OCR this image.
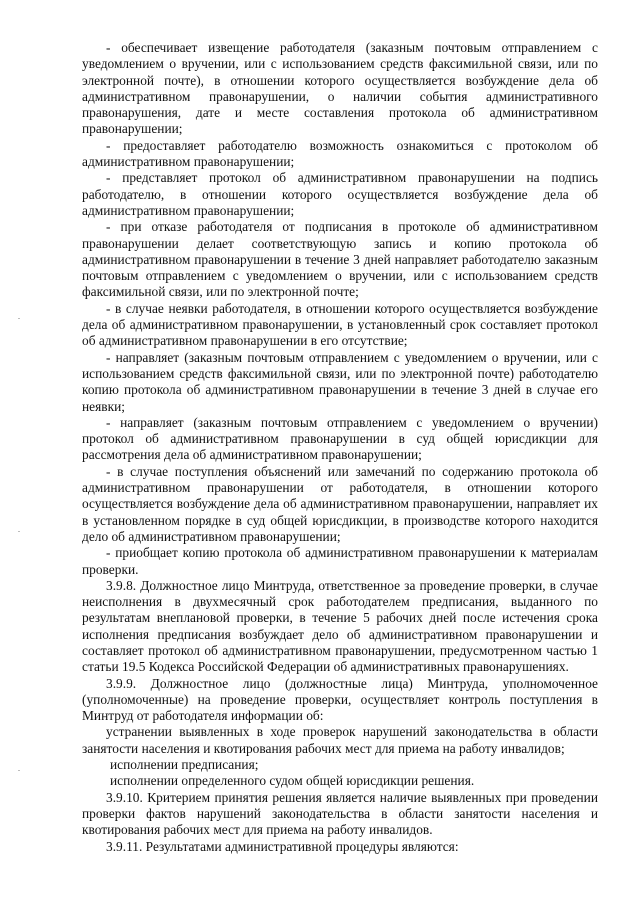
- обеспечивает извещение работодателя (заказным почтовым отправлением с уведомлением о вручении, или с использованием средств факсимильной связи, или по электронной почте), в отношении которого осуществляется возбуждение дела об административном правонарушении, о наличии события административного правонарушения, дате и месте составления протокола об административном правонарушении;

- предоставляет работодателю возможность ознакомиться с протоколом об административном правонарушении;

- представляет протокол об административном правонарушении на подпись работодателю, в отношении которого осуществляется возбуждение дела об административном правонарушении;

- при отказе работодателя от подписания в протоколе об административном правонарушении делает соответствующую запись и копию протокола об административном правонарушении в течение 3 дней направляет работодателю заказным почтовым отправлением с уведомлением о вручении, или с использованием средств факсимильной связи, или по электронной почте;

- в случае неявки работодателя, в отношении которого осуществляется возбуждение дела об административном правонарушении, в установленный срок составляет протокол об административном правонарушении в его отсутствие;

- направляет (заказным почтовым отправлением с уведомлением о вручении, или с использованием средств факсимильной связи, или по электронной почте) работодателю копию протокола об административном правонарушении в течение 3 дней в случае его неявки;

- направляет (заказным почтовым отправлением с уведомлением о вручении) протокол об административном правонарушении в суд общей юрисдикции для рассмотрения дела об административном правонарушении;

- в случае поступления объяснений или замечаний по содержанию протокола об административном правонарушении от работодателя, в отношении которого осуществляется возбуждение дела об административном правонарушении, направляет их в установленном порядке в суд общей юрисдикции, в производстве которого находится дело об административном правонарушении;

- приобщает копию протокола об административном правонарушении к материалам проверки.

3.9.8. Должностное лицо Минтруда, ответственное за проведение проверки, в случае неисполнения в двухмесячный срок работодателем предписания, выданного по результатам внеплановой проверки, в течение 5 рабочих дней после истечения срока исполнения предписания возбуждает дело об административном правонарушении и составляет протокол об административном правонарушении, предусмотренном частью 1 статьи 19.5 Кодекса Российской Федерации об административных правонарушениях.

3.9.9. Должностное лицо (должностные лица) Минтруда, уполномоченное (уполномоченные) на проведение проверки, осуществляет контроль поступления в Минтруд от работодателя информации об:

устранении выявленных в ходе проверок нарушений законодательства в области занятости населения и квотирования рабочих мест для приема на работу инвалидов;

исполнении предписания;

исполнении определенного судом общей юрисдикции решения.

3.9.10. Критерием принятия решения является наличие выявленных при проведении проверки фактов нарушений законодательства в области занятости населения и квотирования рабочих мест для приема на работу инвалидов.

3.9.11. Результатами административной процедуры являются:
